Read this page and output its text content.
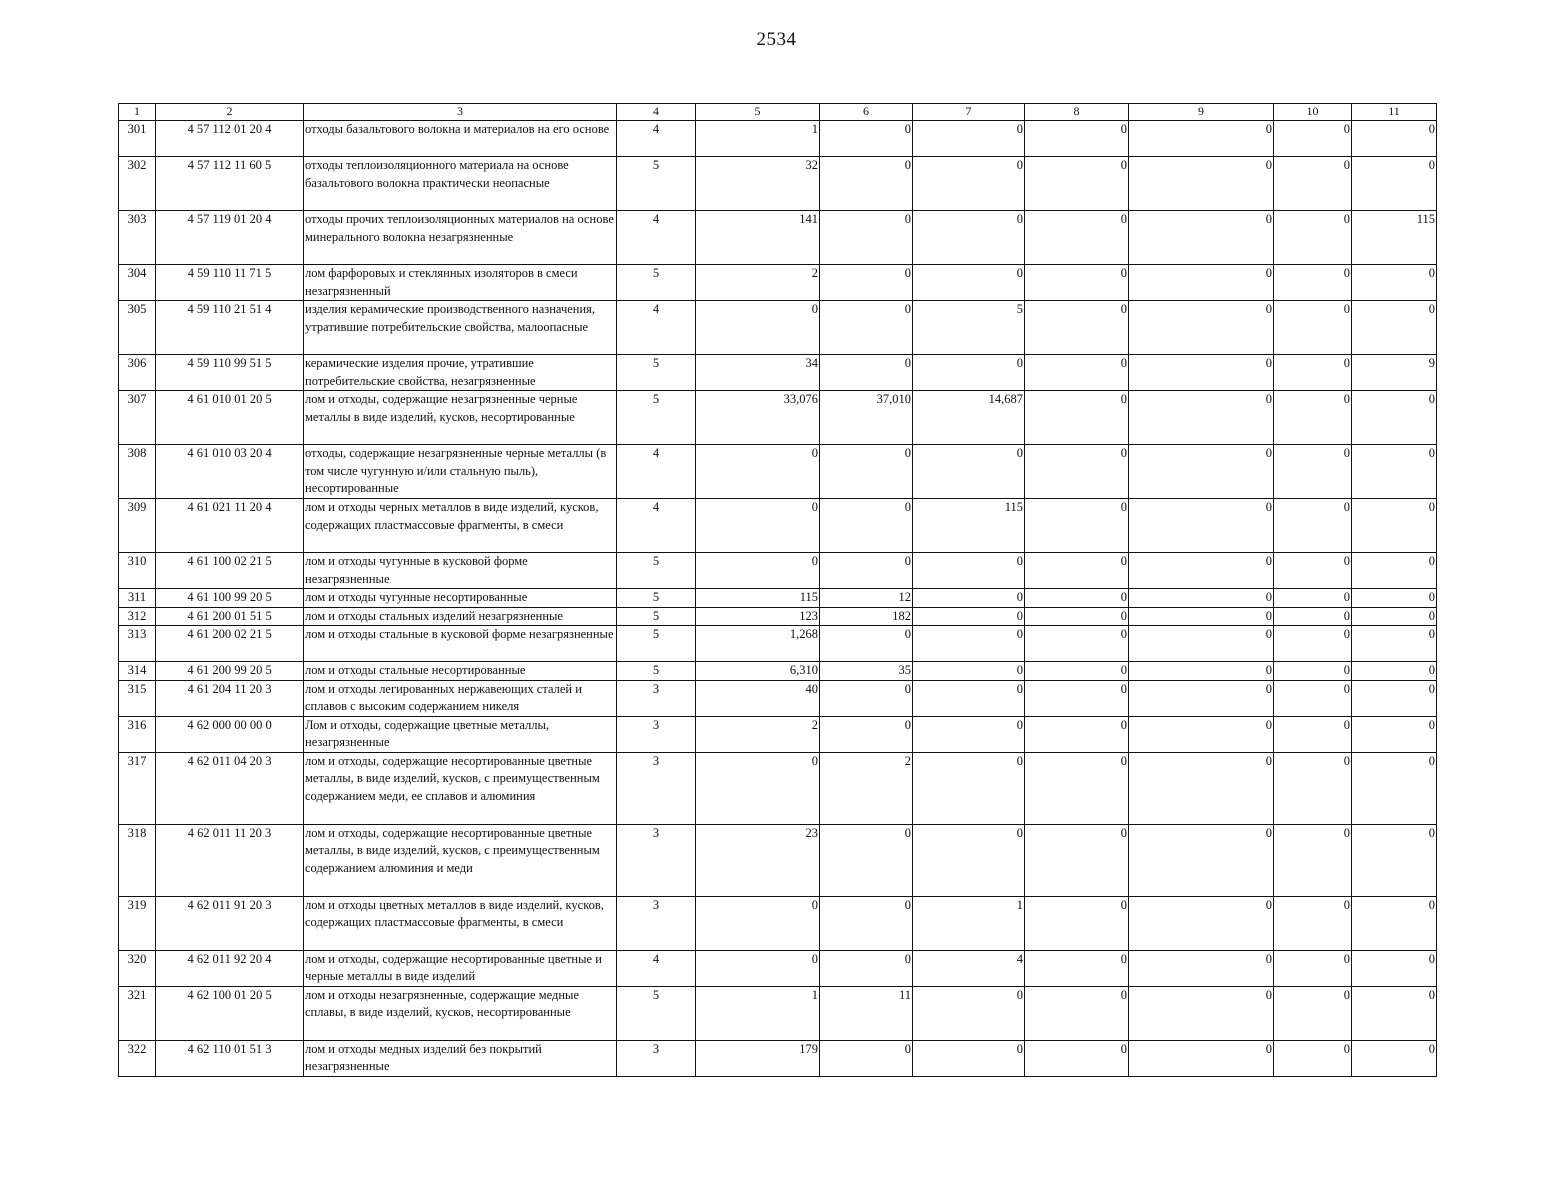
2534
1	2	3	4	5	6	7	8	9	10	11
301	4 57 112 01 20 4	отходы базальтового волокна и материалов на его основе	4	1	0	0	0	0	0	0
302	4 57 112 11 60 5	отходы теплоизоляционного материала на основе базальтового волокна практически неопасные	5	32	0	0	0	0	0	0
303	4 57 119 01 20 4	отходы прочих теплоизоляционных материалов на основе минерального волокна незагрязненные	4	141	0	0	0	0	0	115
304	4 59 110 11 71 5	лом фарфоровых и стеклянных изоляторов в смеси незагрязненный	5	2	0	0	0	0	0	0
305	4 59 110 21 51 4	изделия керамические производственного назначения, утратившие потребительские свойства, малоопасные	4	0	0	5	0	0	0	0
306	4 59 110 99 51 5	керамические изделия прочие, утратившие потребительские свойства, незагрязненные	5	34	0	0	0	0	0	9
307	4 61 010 01 20 5	лом и отходы, содержащие незагрязненные черные металлы в виде изделий, кусков, несортированные	5	33,076	37,010	14,687	0	0	0	0
308	4 61 010 03 20 4	отходы, содержащие незагрязненные черные металлы (в том числе чугунную и/или стальную пыль), несортированные	4	0	0	0	0	0	0	0
309	4 61 021 11 20 4	лом и отходы черных металлов в виде изделий, кусков, содержащих пластмассовые фрагменты, в смеси	4	0	0	115	0	0	0	0
310	4 61 100 02 21 5	лом и отходы чугунные в кусковой форме незагрязненные	5	0	0	0	0	0	0	0
311	4 61 100 99 20 5	лом и отходы чугунные несортированные	5	115	12	0	0	0	0	0
312	4 61 200 01 51 5	лом и отходы стальных изделий незагрязненные	5	123	182	0	0	0	0	0
313	4 61 200 02 21 5	лом и отходы стальные в кусковой форме незагрязненные	5	1,268	0	0	0	0	0	0
314	4 61 200 99 20 5	лом и отходы стальные несортированные	5	6,310	35	0	0	0	0	0
315	4 61 204 11 20 3	лом и отходы легированных нержавеющих сталей и сплавов с высоким содержанием никеля	3	40	0	0	0	0	0	0
316	4 62 000 00 00 0	Лом и отходы, содержащие цветные металлы, незагрязненные	3	2	0	0	0	0	0	0
317	4 62 011 04 20 3	лом и отходы, содержащие несортированные цветные металлы, в виде изделий, кусков, с преимущественным содержанием меди, ее сплавов и алюминия	3	0	2	0	0	0	0	0
318	4 62 011 11 20 3	лом и отходы, содержащие несортированные цветные металлы, в виде изделий, кусков, с преимущественным содержанием алюминия и меди	3	23	0	0	0	0	0	0
319	4 62 011 91 20 3	лом и отходы цветных металлов в виде изделий, кусков, содержащих пластмассовые фрагменты, в смеси	3	0	0	1	0	0	0	0
320	4 62 011 92 20 4	лом и отходы, содержащие несортированные цветные и черные металлы в виде изделий	4	0	0	4	0	0	0	0
321	4 62 100 01 20 5	лом и отходы незагрязненные, содержащие медные сплавы, в виде изделий, кусков, несортированные	5	1	11	0	0	0	0	0
322	4 62 110 01 51 3	лом и отходы медных изделий без покрытий незагрязненные	3	179	0	0	0	0	0	0
